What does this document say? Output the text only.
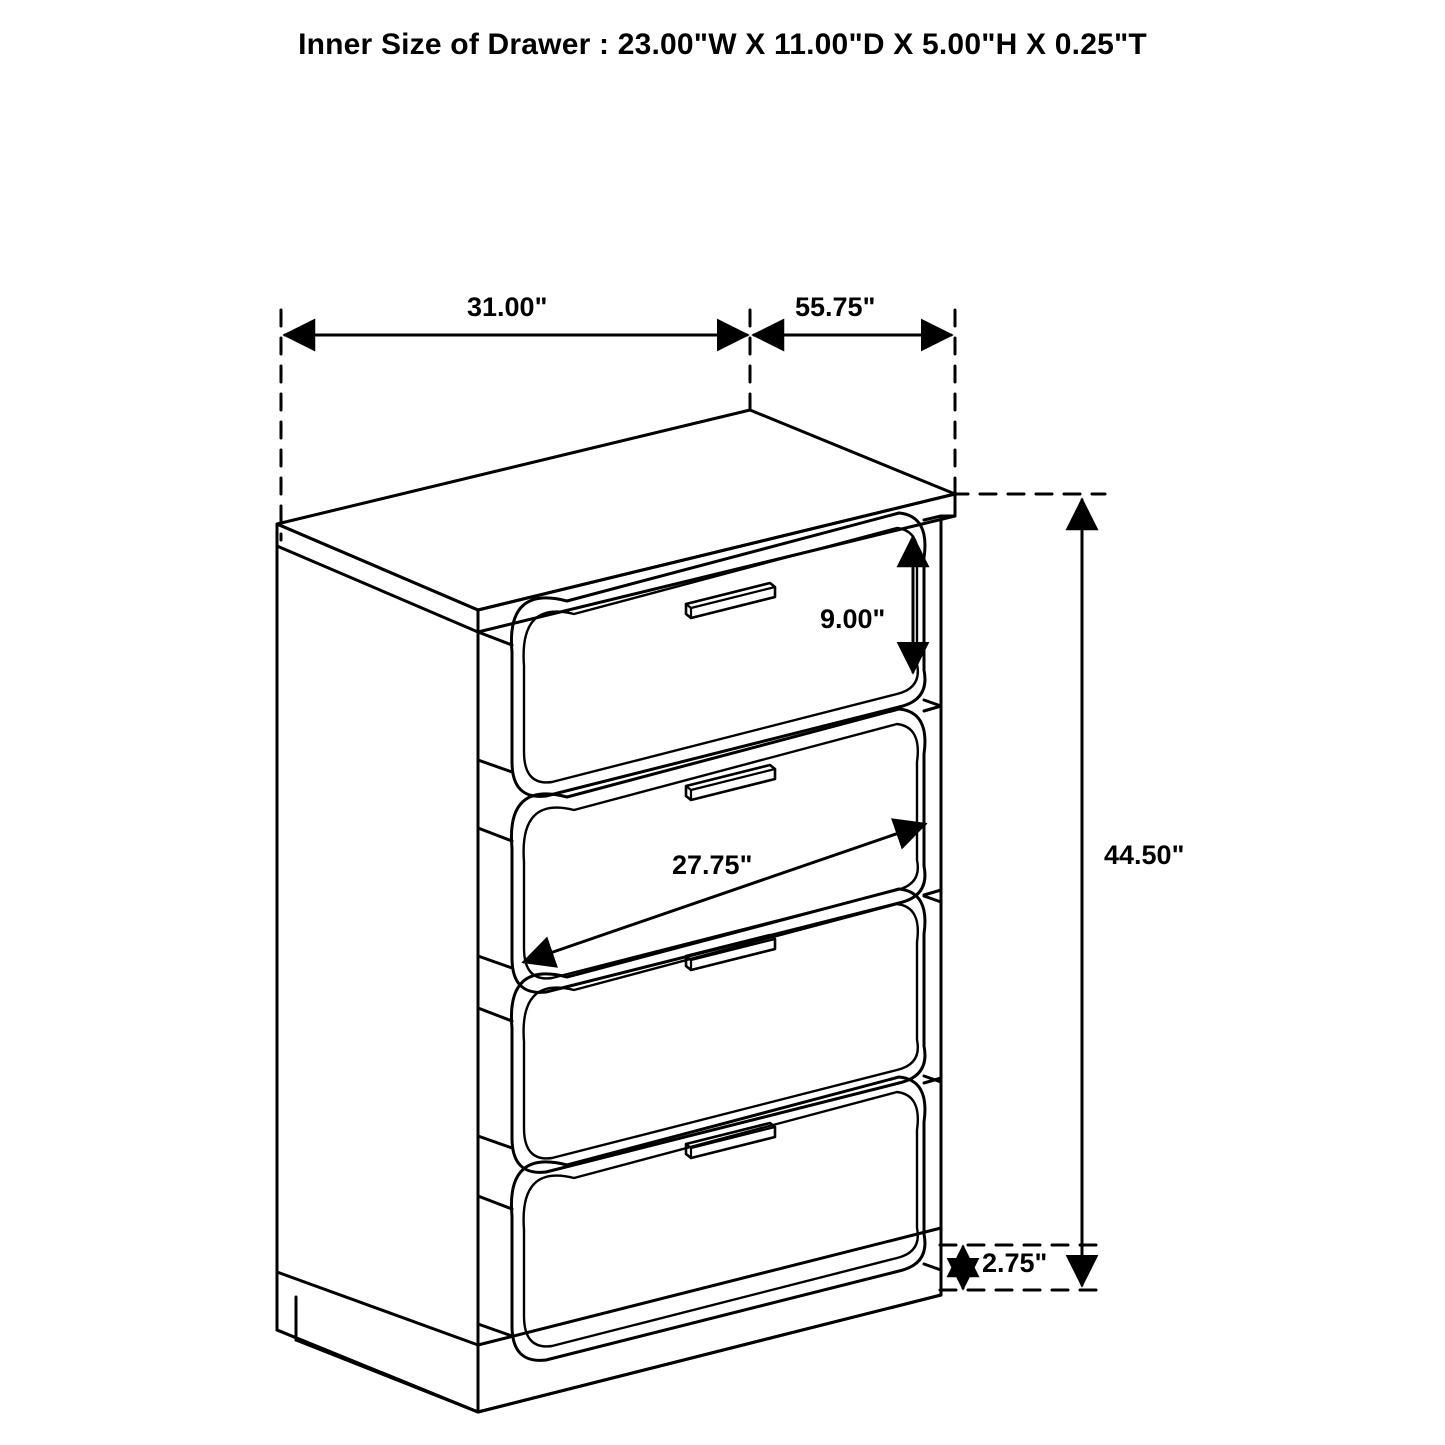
Inner Size of Drawer : 23.00"W X 11.00"D X 5.00"H X 0.25"T
31.00"	55.75"
9.00"
44.50"
27.75"
2.75"
